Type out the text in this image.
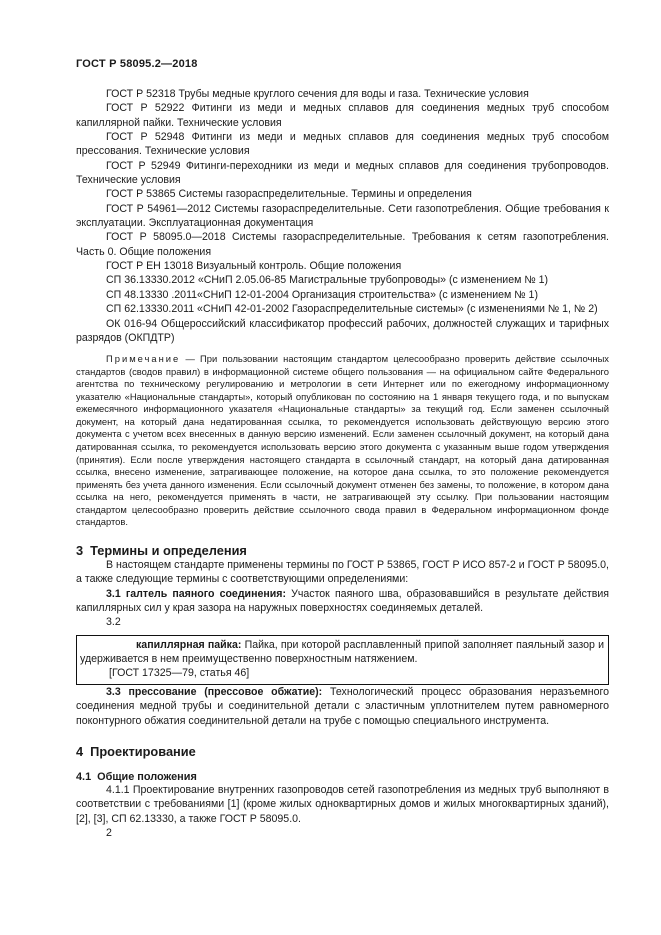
ГОСТ Р 58095.2—2018

ГОСТ Р 52318 Трубы медные круглого сечения для воды и газа. Технические условия

ГОСТ Р 52922 Фитинги из меди и медных сплавов для соединения медных труб способом капиллярной пайки. Технические условия

ГОСТ Р 52948 Фитинги из меди и медных сплавов для соединения медных труб способом прессования. Технические условия

ГОСТ Р 52949 Фитинги-переходники из меди и медных сплавов для соединения трубопроводов. Технические условия

ГОСТ Р 53865 Системы газораспределительные. Термины и определения

ГОСТ Р 54961—2012 Системы газораспределительные. Сети газопотребления. Общие требования к эксплуатации. Эксплуатационная документация

ГОСТ Р 58095.0—2018 Системы газораспределительные. Требования к сетям газопотребления. Часть 0. Общие положения

ГОСТ Р ЕН 13018 Визуальный контроль. Общие положения

СП 36.13330.2012 «СНиП 2.05.06-85 Магистральные трубопроводы» (с изменением № 1)

СП 48.13330 .2011«СНиП 12-01-2004 Организация строительства» (с изменением № 1)

СП 62.13330.2011 «СНиП 42-01-2002 Газораспределительные системы» (с изменениями № 1, № 2)

ОК 016-94 Общероссийский классификатор профессий рабочих, должностей служащих и тарифных разрядов (ОКПДТР)

Примечание — При пользовании настоящим стандартом целесообразно проверить действие ссылочных стандартов (сводов правил) в информационной системе общего пользования — на официальном сайте Федерального агентства по техническому регулированию и метрологии в сети Интернет или по ежегодному информационному указателю «Национальные стандарты», который опубликован по состоянию на 1 января текущего года, и по выпускам ежемесячного информационного указателя «Национальные стандарты» за текущий год. Если заменен ссылочный документ, на который дана недатированная ссылка, то рекомендуется использовать действующую версию этого документа с учетом всех внесенных в данную версию изменений. Если заменен ссылочный документ, на который дана датированная ссылка, то рекомендуется использовать версию этого документа с указанным выше годом утверждения (принятия). Если после утверждения настоящего стандарта в ссылочный стандарт, на который дана датированная ссылка, внесено изменение, затрагивающее положение, на которое дана ссылка, то это положение рекомендуется применять без учета данного изменения. Если ссылочный документ отменен без замены, то положение, в котором дана ссылка на него, рекомендуется применять в части, не затрагивающей эту ссылку. При пользовании настоящим стандартом целесообразно проверить действие ссылочного свода правил в Федеральном информационном фонде стандартов.

3 Термины и определения

В настоящем стандарте применены термины по ГОСТ Р 53865, ГОСТ Р ИСО 857-2 и ГОСТ Р 58095.0, а также следующие термины с соответствующими определениями:

3.1 галтель паяного соединения: Участок паяного шва, образовавшийся в результате действия капиллярных сил у края зазора на наружных поверхностях соединяемых деталей.

3.2

капиллярная пайка: Пайка, при которой расплавленный припой заполняет паяльный зазор и удерживается в нем преимущественно поверхностным натяжением.

[ГОСТ 17325—79, статья 46]

3.3 прессование (прессовое обжатие): Технологический процесс образования неразъемного соединения медной трубы и соединительной детали с эластичным уплотнителем путем равномерного поконтурного обжатия соединительной детали на трубе с помощью специального инструмента.

4 Проектирование
4.1 Общие положения

4.1.1 Проектирование внутренних газопроводов сетей газопотребления из медных труб выполняют в соответствии с требованиями [1] (кроме жилых одноквартирных домов и жилых многоквартирных зданий), [2], [3], СП 62.13330, а также ГОСТ Р 58095.0.

2
